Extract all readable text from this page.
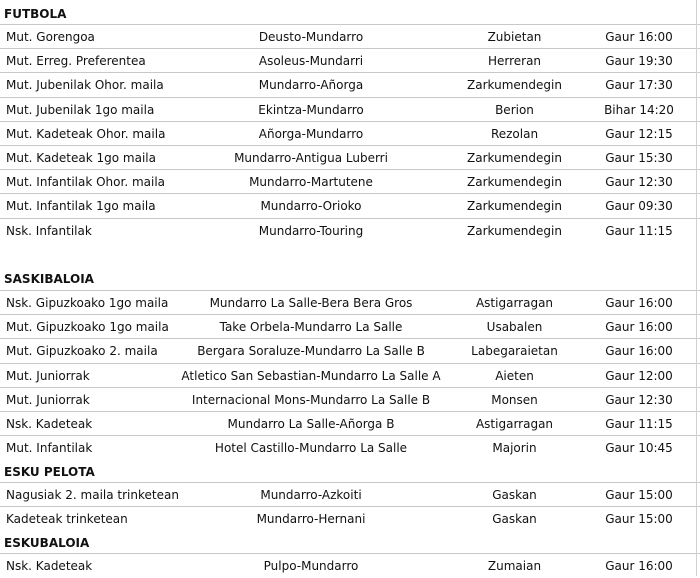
FUTBOLA
Mut. Gorengoa	Deusto-Mundarro	Zubietan	Gaur 16:00
Mut. Erreg. Preferentea	Asoleus-Mundarri	Herreran	Gaur 19:30
Mut. Jubenilak Ohor. maila	Mundarro-Añorga	Zarkumendegin	Gaur 17:30
Mut. Jubenilak 1go maila	Ekintza-Mundarro	Berion	Bihar 14:20
Mut. Kadeteak Ohor. maila	Añorga-Mundarro	Rezolan	Gaur 12:15
Mut. Kadeteak 1go maila	Mundarro-Antigua Luberri	Zarkumendegin	Gaur 15:30
Mut. Infantilak Ohor. maila	Mundarro-Martutene	Zarkumendegin	Gaur 12:30
Mut. Infantilak 1go maila	Mundarro-Orioko	Zarkumendegin	Gaur 09:30
Nsk. Infantilak	Mundarro-Touring	Zarkumendegin	Gaur 11:15
SASKIBALOIA
Nsk. Gipuzkoako 1go maila	Mundarro La Salle-Bera Bera Gros	Astigarragan	Gaur 16:00
Mut. Gipuzkoako 1go maila	Take Orbela-Mundarro La Salle	Usabalen	Gaur 16:00
Mut. Gipuzkoako 2. maila	Bergara Soraluze-Mundarro La Salle B	Labegaraietan	Gaur 16:00
Mut. Juniorrak	Atletico San Sebastian-Mundarro La Salle A	Aieten	Gaur 12:00
Mut. Juniorrak	Internacional Mons-Mundarro La Salle B	Monsen	Gaur 12:30
Nsk. Kadeteak	Mundarro La Salle-Añorga B	Astigarragan	Gaur 11:15
Mut. Infantilak	Hotel Castillo-Mundarro La Salle	Majorin	Gaur 10:45
ESKU PELOTA
Nagusiak 2. maila trinketean	Mundarro-Azkoiti	Gaskan	Gaur 15:00
Kadeteak trinketean	Mundarro-Hernani	Gaskan	Gaur 15:00
ESKUBALOIA
Nsk. Kadeteak	Pulpo-Mundarro	Zumaian	Gaur 16:00
